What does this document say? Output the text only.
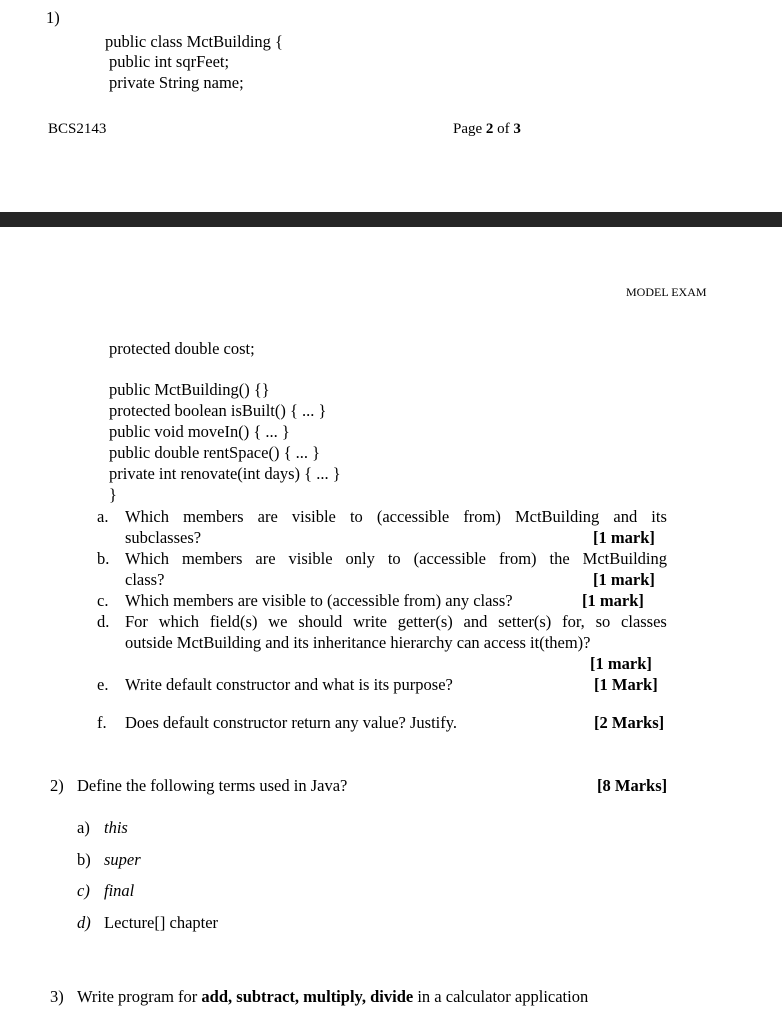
1)
public class MctBuilding {
public int sqrFeet;
private String name;
BCS2143	Page 2 of 3
MODEL EXAM
protected double cost;
public MctBuilding() {}
protected boolean isBuilt() { ... }
public void moveIn() { ... }
public double rentSpace() { ... }
private int renovate(int days) { ... }
}
a. Which members are visible to (accessible from) MctBuilding and its
subclasses?	[1 mark]
b. Which members are visible only to (accessible from) the MctBuilding
class?	[1 mark]
c. Which members are visible to (accessible from) any class?	[1 mark]
d. For which field(s) we should write getter(s) and setter(s) for, so classes
outside MctBuilding and its inheritance hierarchy can access it(them)?
[1 mark]
e. Write default constructor and what is its purpose?	[1 Mark]
f. Does default constructor return any value? Justify.	[2 Marks]
2) Define the following terms used in Java?	[8 Marks]
a) this
b) super
c) final
d) Lecture[] chapter
3) Write program for add, subtract, multiply, divide in a calculator application
